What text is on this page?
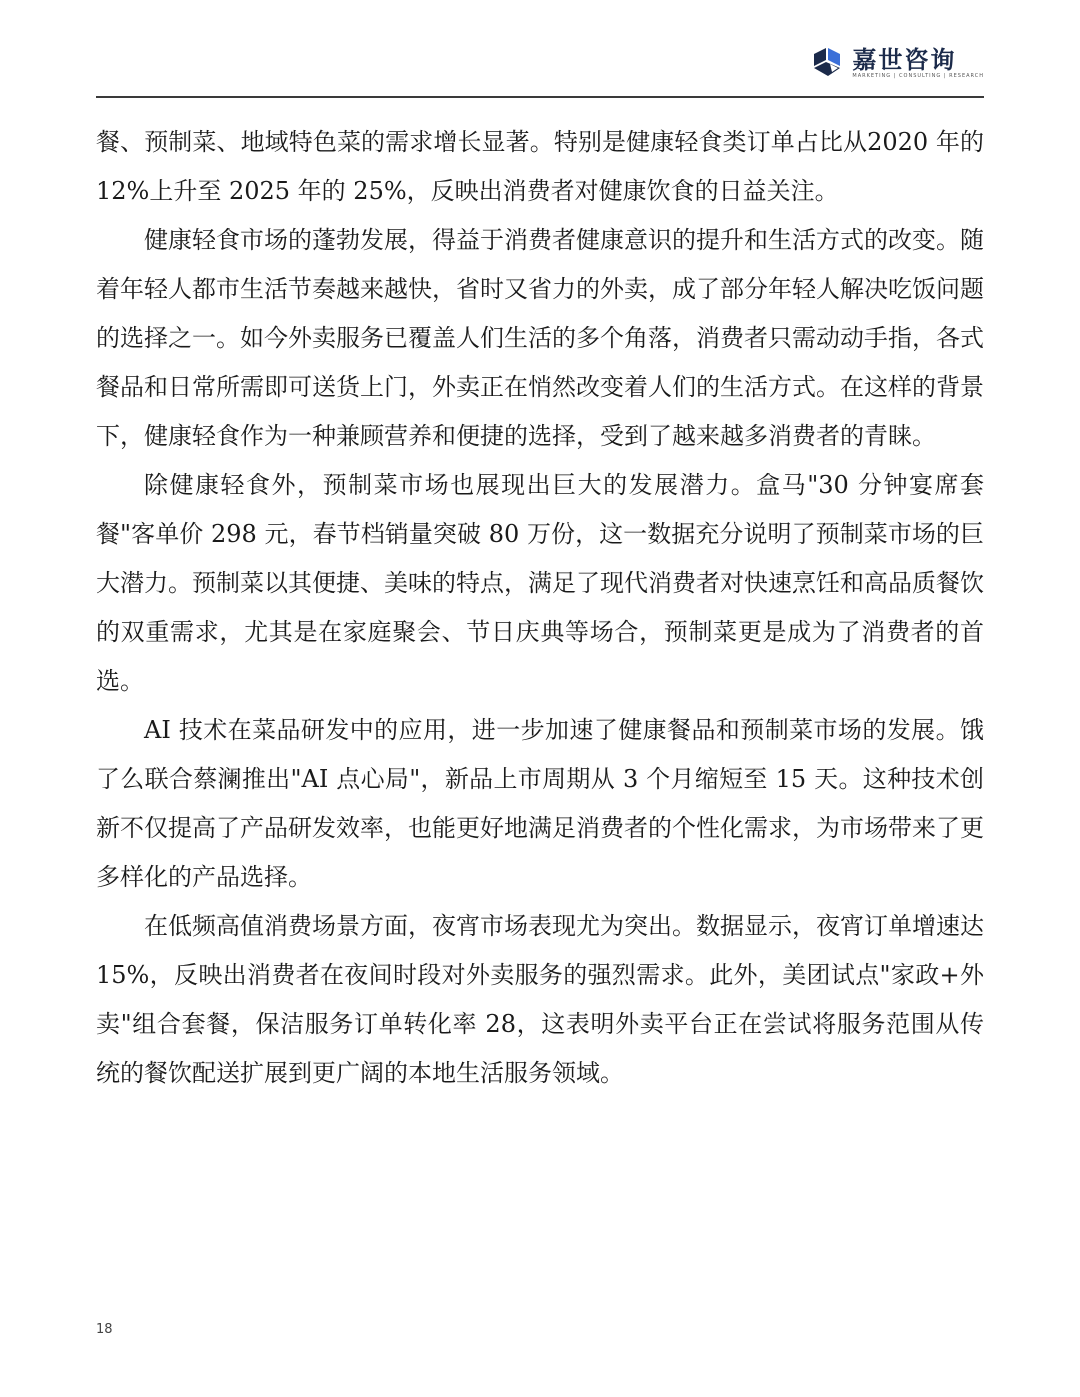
嘉世咨询
MARKETING | CONSULTING | RESEARCH

餐、预制菜、地域特色菜的需求增长显著。特别是健康轻食类订单占比从2020 年的 12%上升至 2025 年的 25%，反映出消费者对健康饮食的日益关注。

健康轻食市场的蓬勃发展，得益于消费者健康意识的提升和生活方式的改变。随着年轻人都市生活节奏越来越快，省时又省力的外卖，成了部分年轻人解决吃饭问题的选择之一。如今外卖服务已覆盖人们生活的多个角落，消费者只需动动手指，各式餐品和日常所需即可送货上门，外卖正在悄然改变着人们的生活方式。在这样的背景下，健康轻食作为一种兼顾营养和便捷的选择，受到了越来越多消费者的青睐。

除健康轻食外，预制菜市场也展现出巨大的发展潜力。盒马"30 分钟宴席套餐"客单价 298 元，春节档销量突破 80 万份，这一数据充分说明了预制菜市场的巨大潜力。预制菜以其便捷、美味的特点，满足了现代消费者对快速烹饪和高品质餐饮的双重需求，尤其是在家庭聚会、节日庆典等场合，预制菜更是成为了消费者的首选。

AI 技术在菜品研发中的应用，进一步加速了健康餐品和预制菜市场的发展。饿了么联合蔡澜推出"AI 点心局"，新品上市周期从 3 个月缩短至 15 天。这种技术创新不仅提高了产品研发效率，也能更好地满足消费者的个性化需求，为市场带来了更多样化的产品选择。

在低频高值消费场景方面，夜宵市场表现尤为突出。数据显示，夜宵订单增速达 15%，反映出消费者在夜间时段对外卖服务的强烈需求。此外，美团试点"家政+外卖"组合套餐，保洁服务订单转化率 28，这表明外卖平台正在尝试将服务范围从传统的餐饮配送扩展到更广阔的本地生活服务领域。

18
